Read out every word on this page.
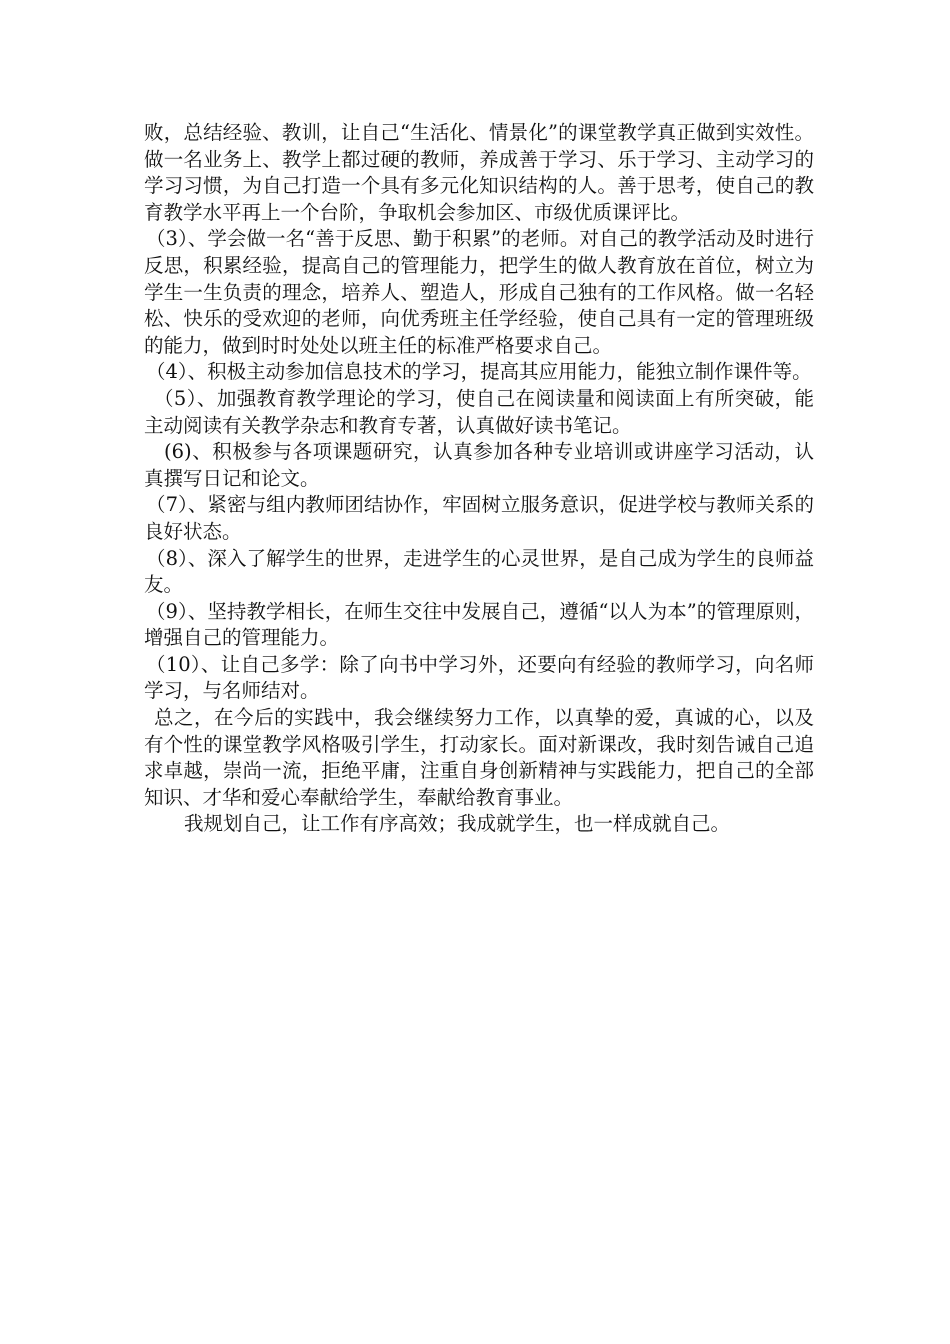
败，总结经验、教训，让自己“生活化、情景化”的课堂教学真正做到实效性。做一名业务上、教学上都过硬的教师，养成善于学习、乐于学习、主动学习的学习习惯，为自己打造一个具有多元化知识结构的人。善于思考，使自己的教育教学水平再上一个台阶，争取机会参加区、市级优质课评比。

（3）、学会做一名“善于反思、勤于积累”的老师。对自己的教学活动及时进行反思，积累经验，提高自己的管理能力，把学生的做人教育放在首位，树立为学生一生负责的理念，培养人、塑造人，形成自己独有的工作风格。做一名轻松、快乐的受欢迎的老师，向优秀班主任学经验，使自己具有一定的管理班级的能力，做到时时处处以班主任的标准严格要求自己。

（4）、积极主动参加信息技术的学习，提高其应用能力，能独立制作课件等。

（5）、加强教育教学理论的学习，使自己在阅读量和阅读面上有所突破，能主动阅读有关教学杂志和教育专著，认真做好读书笔记。

(6)、积极参与各项课题研究，认真参加各种专业培训或讲座学习活动，认真撰写日记和论文。

（7）、紧密与组内教师团结协作，牢固树立服务意识，促进学校与教师关系的良好状态。

（8）、深入了解学生的世界，走进学生的心灵世界，是自己成为学生的良师益友。

（9）、坚持教学相长，在师生交往中发展自己，遵循“以人为本”的管理原则，增强自己的管理能力。

（10）、让自己多学：除了向书中学习外，还要向有经验的教师学习，向名师学习，与名师结对。

总之，在今后的实践中，我会继续努力工作，以真挚的爱，真诚的心，以及有个性的课堂教学风格吸引学生，打动家长。面对新课改，我时刻告诫自己追求卓越，崇尚一流，拒绝平庸，注重自身创新精神与实践能力，把自己的全部知识、才华和爱心奉献给学生，奉献给教育事业。

我规划自己，让工作有序高效；我成就学生，也一样成就自己。
